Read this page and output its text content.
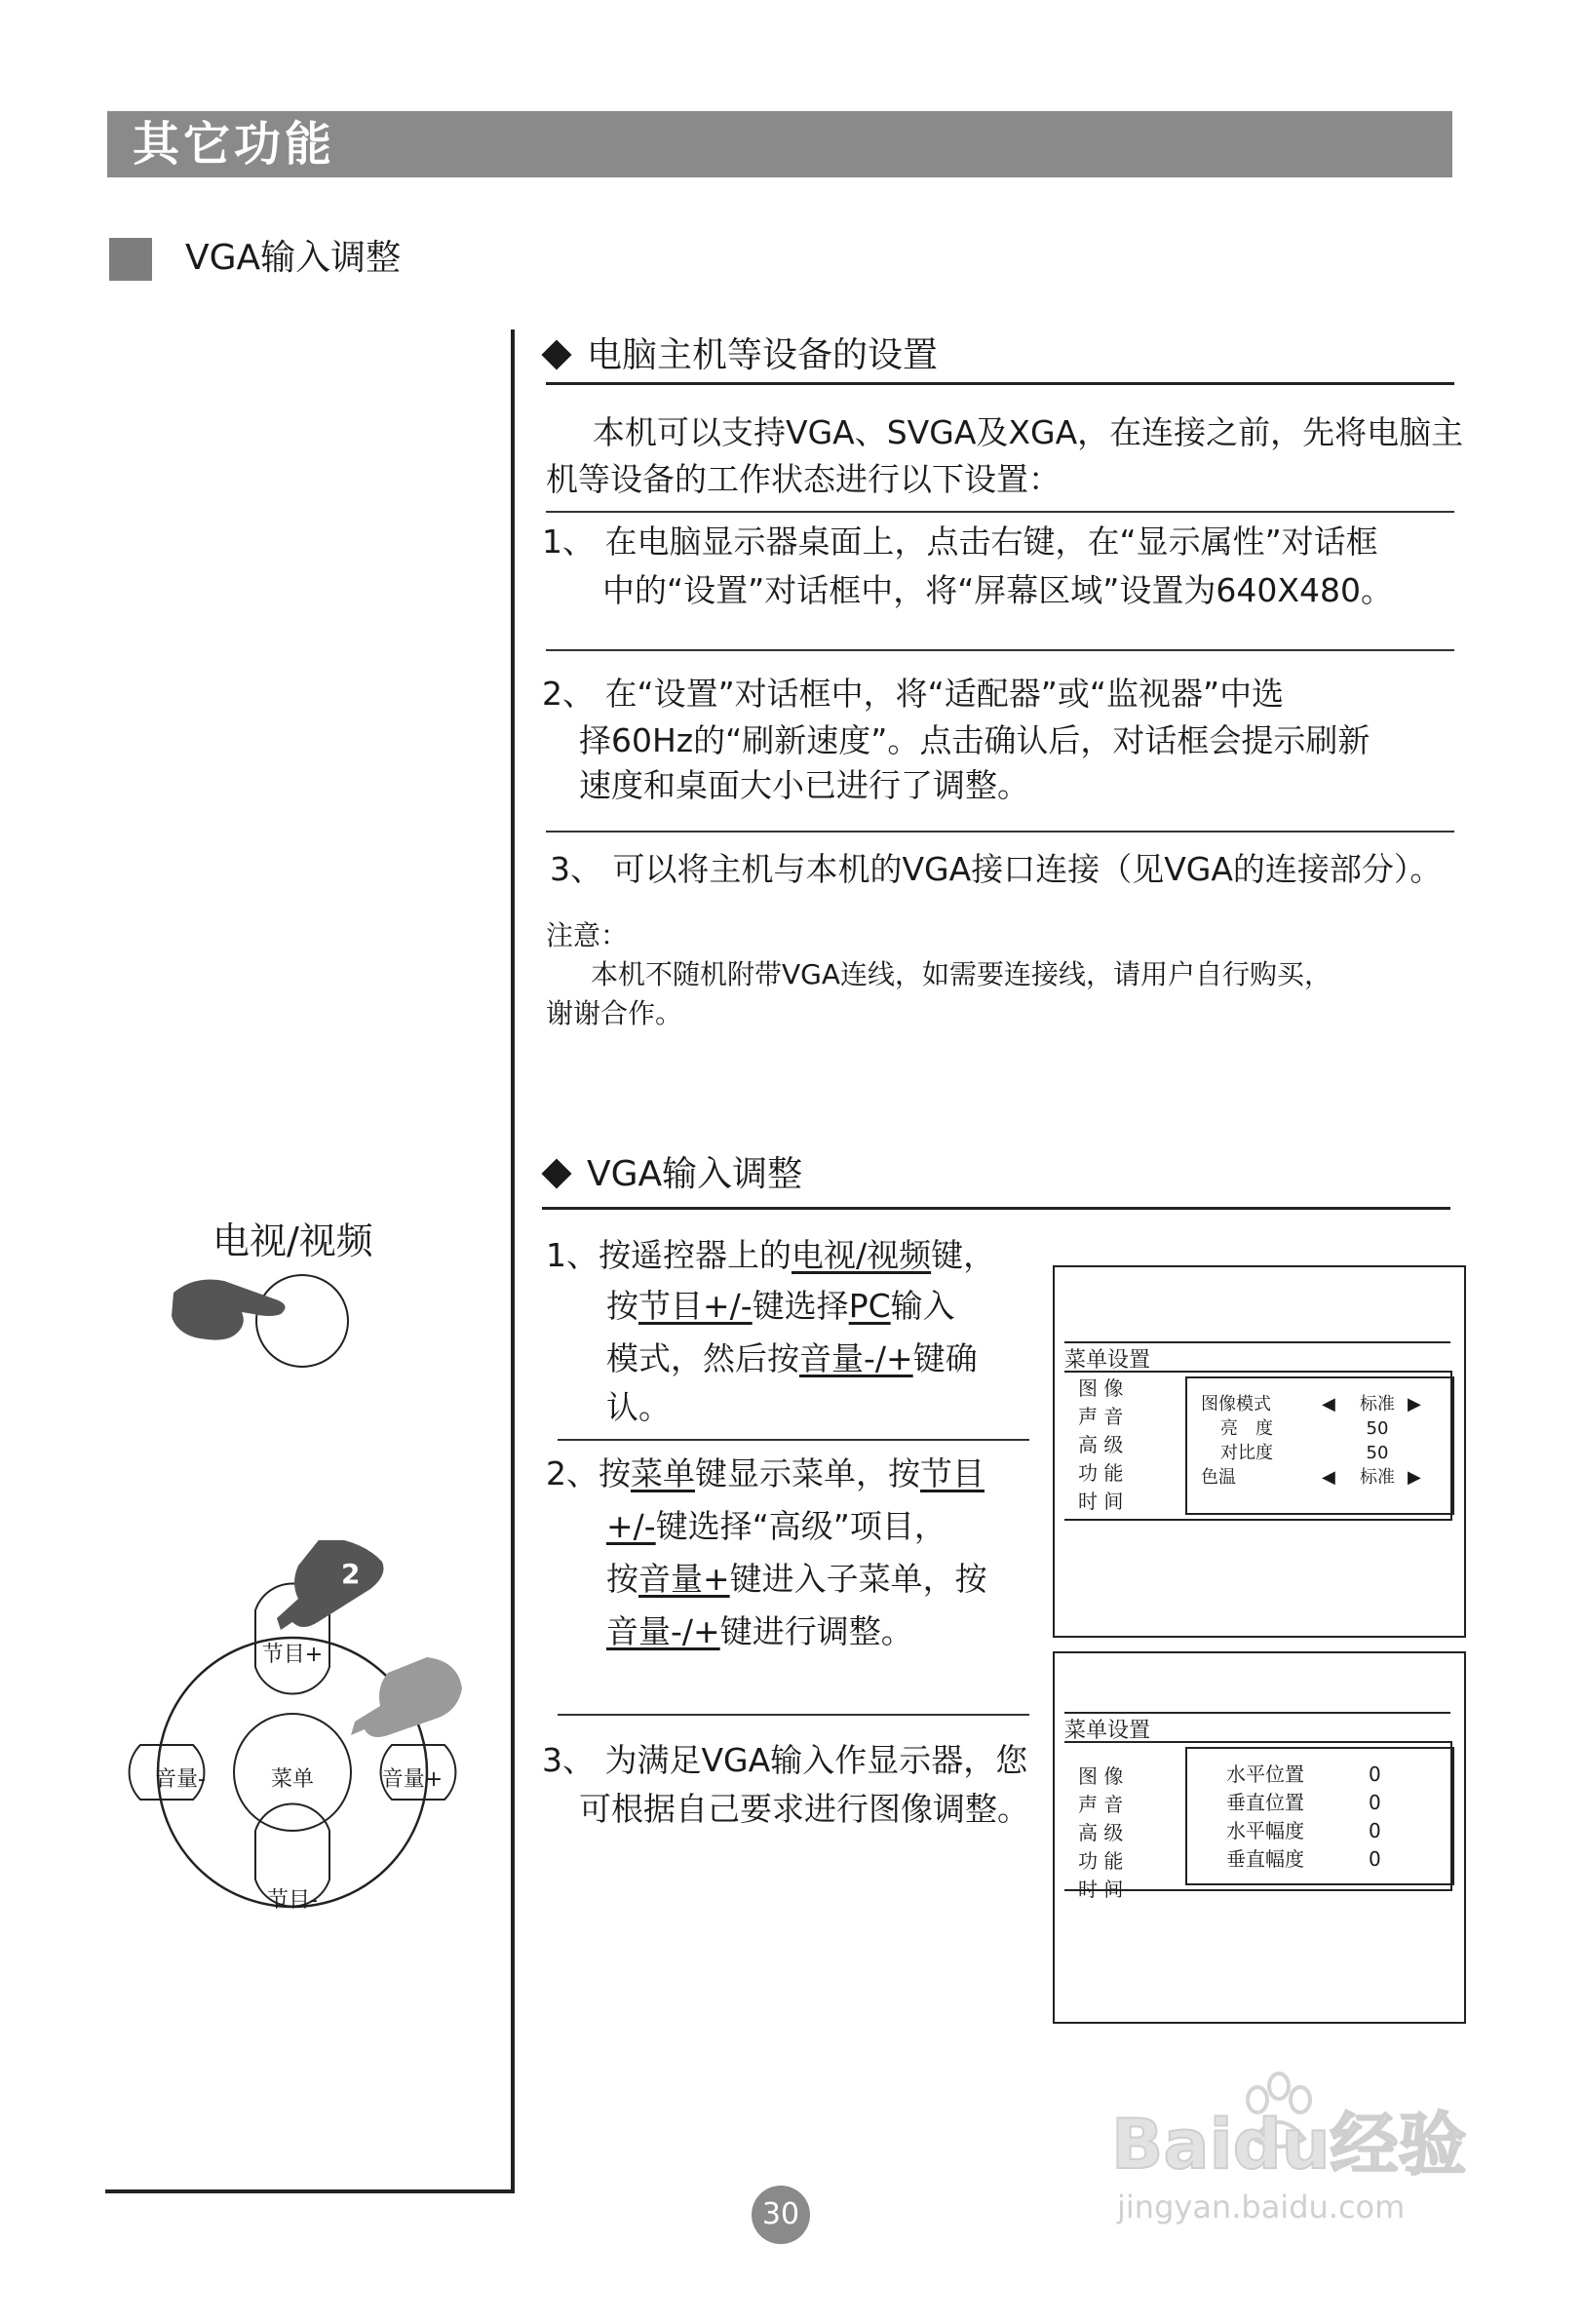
其它功能
VGA输入调整
电脑主机等设备的设置
本机可以支持VGA、SVGA及XGA，在连接之前，先将电脑主
机等设备的工作状态进行以下设置：
1、 在电脑显示器桌面上，点击右键，在“显示属性”对话框
中的“设置”对话框中，将“屏幕区域”设置为640X480。
2、 在“设置”对话框中，将“适配器”或“监视器”中选
择60Hz的“刷新速度”。点击确认后，对话框会提示刷新
速度和桌面大小已进行了调整。
3、 可以将主机与本机的VGA接口连接（见VGA的连接部分）。
注意：
本机不随机附带VGA连线，如需要连接线，请用户自行购买，
谢谢合作。
VGA输入调整
1、按遥控器上的电视/视频键，
按节目+/-键选择PC输入
模式，然后按音量-/+键确
认。
2、按菜单键显示菜单，按节目
+/-键选择“高级”项目，
按音量+键进入子菜单，按
音量-/+键进行调整。
3、 为满足VGA输入作显示器，您
可根据自己要求进行图像调整。
电视/视频
2
2
节目+
节目-
音量-	音量+
菜单
菜单设置
图 像
声 音
高 级
功 能
时 间
图像模式	◀	标准 ▶
亮　度	50
对比度	50
色温	◀	标准 ▶
菜单设置
图 像
声 音
高 级
功 能
时 间
水平位置	0
垂直位置	0
水平幅度	0
垂直幅度	0
30
Baidu经验
jingyan.baidu.com
